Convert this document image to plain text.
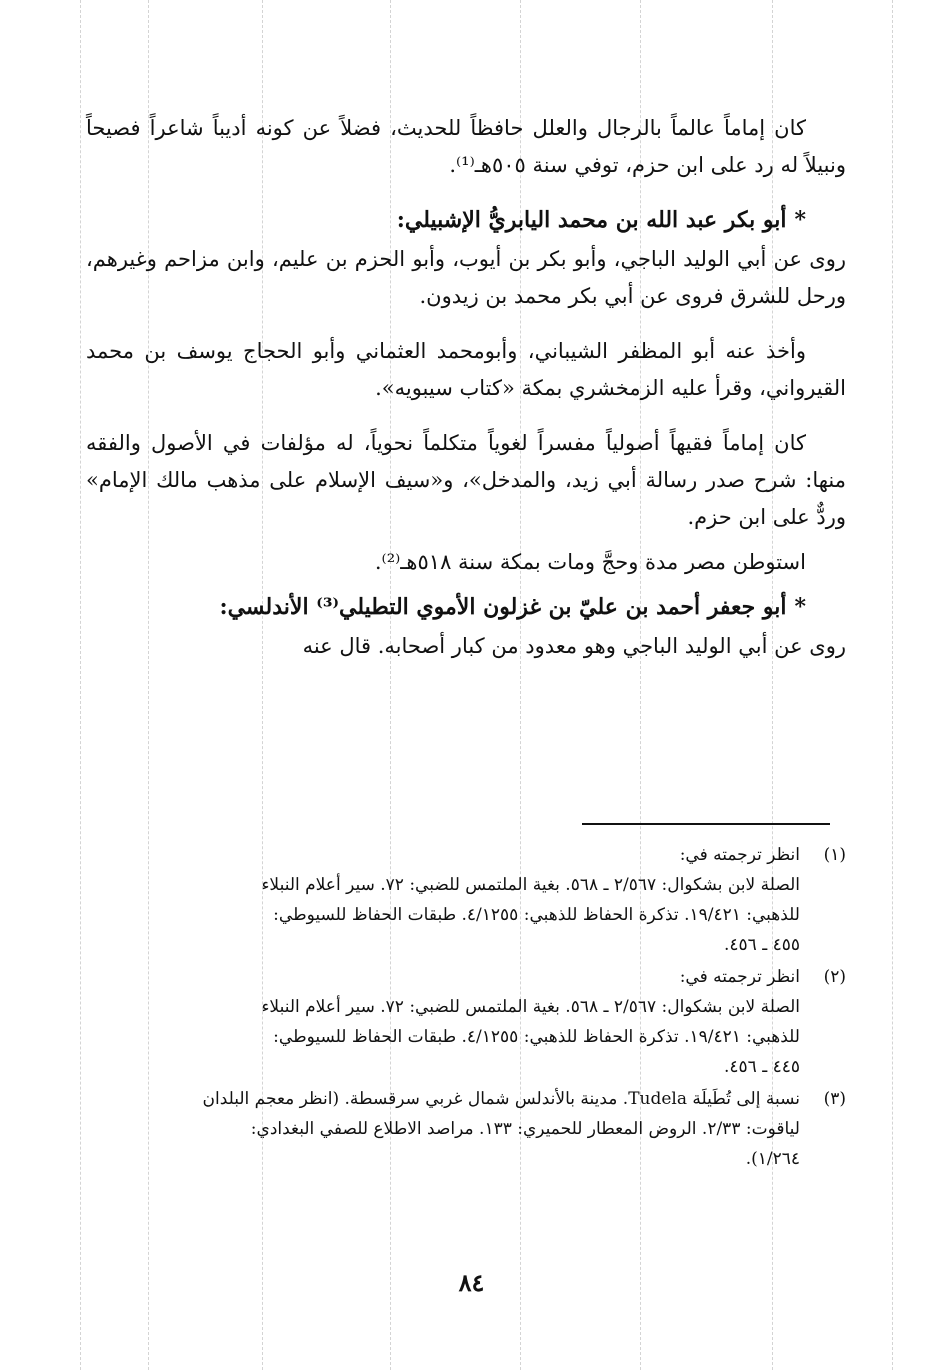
كان إماماً عالماً بالرجال والعلل حافظاً للحديث، فضلاً عن كونه أديباً شاعراً فصيحاً ونبيلاً له رد على ابن حزم، توفي سنة ٥٠٥هـ⁽¹⁾.

*أبو بكر عبد الله بن محمد اليابريُّ الإشبيلي:

روى عن أبي الوليد الباجي، وأبو بكر بن أيوب، وأبو الحزم بن عليم، وابن مزاحم وغيرهم، ورحل للشرق فروى عن أبي بكر محمد بن زيدون.

وأخذ عنه أبو المظفر الشيباني، وأبومحمد العثماني وأبو الحجاج يوسف بن محمد القيرواني، وقرأ عليه الزمخشري بمكة «كتاب سيبويه».

كان إماماً فقيهاً أصولياً مفسراً لغوياً متكلماً نحوياً، له مؤلفات في الأصول والفقه منها: شرح صدر رسالة أبي زيد، والمدخل»، و«سيف الإسلام على مذهب مالك الإمام» وردٌّ على ابن حزم.

استوطن مصر مدة وحجَّ ومات بمكة سنة ٥١٨هـ⁽²⁾.

*أبو جعفر أحمد بن عليّ بن غزلون الأموي التطيلي⁽³⁾ الأندلسي:

روى عن أبي الوليد الباجي وهو معدود من كبار أصحابه. قال عنه

(١)
انظر ترجمته في:
الصلة لابن بشكوال: ٢/٥٦٧ ـ ٥٦٨. بغية الملتمس للضبي: ٧٢. سير أعلام النبلاء
للذهبي: ١٩/٤٢١. تذكرة الحفاظ للذهبي: ٤/١٢٥٥. طبقات الحفاظ للسيوطي:
٤٥٥ ـ ٤٥٦.
(٢)
انظر ترجمته في:
الصلة لابن بشكوال: ٢/٥٦٧ ـ ٥٦٨. بغية الملتمس للضبي: ٧٢. سير أعلام النبلاء
للذهبي: ١٩/٤٢١. تذكرة الحفاظ للذهبي: ٤/١٢٥٥. طبقات الحفاظ للسيوطي:
٤٤٥ ـ ٤٥٦.
(٣)
نسبة إلى تُطَيلَة Tudela. مدينة بالأندلس شمال غربي سرقسطة. (انظر معجم البلدان
لياقوت: ٢/٣٣. الروض المعطار للحميري: ١٣٣. مراصد الاطلاع للصفي البغدادي:
١/٢٦٤).
٨٤
